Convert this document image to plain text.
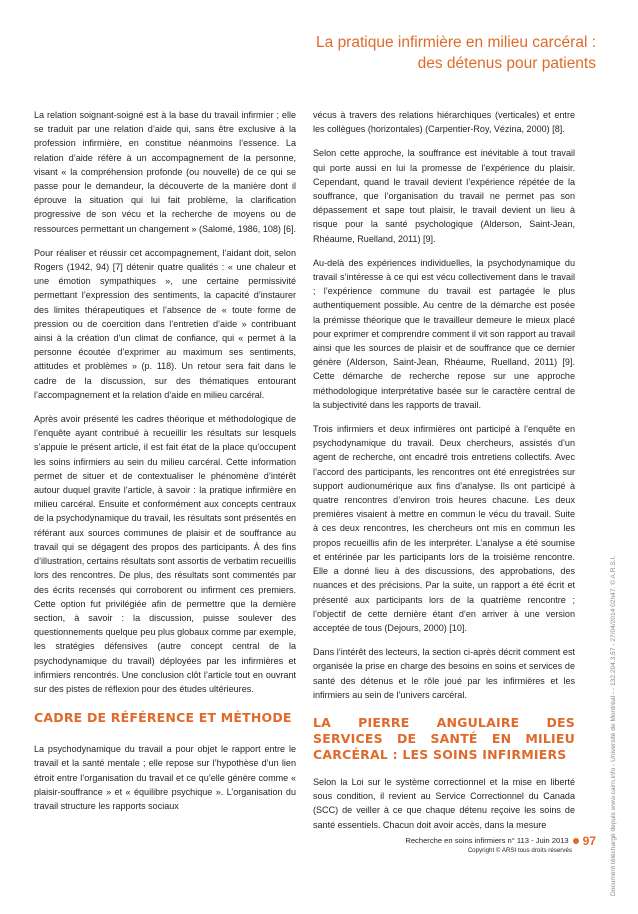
La pratique infirmière en milieu carcéral :
des détenus pour patients

La relation soignant-soigné est à la base du travail infirmier ; elle se traduit par une relation d’aide qui, sans être exclusive à la profession infirmière, en constitue néanmoins l’essence. La relation d’aide réfère à un accompagnement de la personne, visant « la compréhension profonde (ou nouvelle) de ce qui se passe pour le demandeur, la découverte de la manière dont il éprouve la situation qui lui fait problème, la clarification progressive de son vécu et la recherche de moyens ou de ressources permettant un changement » (Salomé, 1986, 108) [6].

Pour réaliser et réussir cet accompagnement, l’aidant doit, selon Rogers (1942, 94) [7] détenir quatre qualités : « une chaleur et une émotion sympathiques », une certaine permissivité permettant l’expression des sentiments, la capacité d’instaurer des limites thérapeutiques et l’absence de « toute forme de pression ou de coercition dans l’entretien d’aide » contribuant ainsi à la création d’un climat de confiance, qui « permet à la personne écoutée d’exprimer au maximum ses sentiments, attitudes et problèmes » (p. 118). Un retour sera fait dans le cadre de la discussion, sur des thématiques entourant l’accompagnement et la relation d’aide en milieu carcéral.

Après avoir présenté les cadres théorique et méthodologique de l’enquête ayant contribué à recueillir les résultats sur lesquels s’appuie le présent article, il est fait état de la place qu’occupent les soins infirmiers au sein du milieu carcéral. Cette information permet de situer et de contextualiser le phénomène d’intérêt autour duquel gravite l’article, à savoir : la pratique infirmière en milieu carcéral. Ensuite et conformément aux concepts centraux de la psychodynamique du travail, les résultats sont présentés en référant aux sources communes de plaisir et de souffrance au travail qui se dégagent des propos des participants. À des fins d’illustration, certains résultats sont assortis de verbatim recueillis lors des rencontres. De plus, des résultats sont commentés par des écrits recensés qui corroborent ou infirment ces premiers. Cette option fut privilégiée afin de permettre que la dernière section, à savoir : la discussion, puisse soulever des questionnements quelque peu plus globaux comme par exemple, les stratégies défensives (autre concept central de la psychodynamique du travail) déployées par les infirmières et infirmiers rencontrés. Une conclusion clôt l’article tout en ouvrant sur des pistes de réflexion pour des études ultérieures.

CADRE DE RÉFÉRENCE ET MÉTHODE

La psychodynamique du travail a pour objet le rapport entre le travail et la santé mentale ; elle repose sur l’hypothèse d’un lien étroit entre l’organisation du travail et ce qu’elle génère comme « plaisir-souffrance » et « équilibre psychique ». L’organisation du travail structure les rapports sociaux

vécus à travers des relations hiérarchiques (verticales) et entre les collègues (horizontales) (Carpentier-Roy, Vézina, 2000) [8].

Selon cette approche, la souffrance est inévitable à tout travail qui porte aussi en lui la promesse de l’expérience du plaisir. Cependant, quand le travail devient l’expérience répétée de la souffrance, que l’organisation du travail ne permet pas son dépassement et sape tout plaisir, le travail devient un lieu à risque pour la santé psychologique (Alderson, Saint-Jean, Rhéaume, Ruelland, 2011) [9].

Au-delà des expériences individuelles, la psychodynamique du travail s’intéresse à ce qui est vécu collectivement dans le travail ; l’expérience commune du travail est partagée le plus authentiquement possible. Au centre de la démarche est posée la prémisse théorique que le travailleur demeure le mieux placé pour exprimer et comprendre comment il vit son rapport au travail ainsi que les sources de plaisir et de souffrance que ce dernier génère (Alderson, Saint-Jean, Rhéaume, Ruelland, 2011) [9]. Cette démarche de recherche repose sur une approche méthodologique interprétative basée sur le caractère central de la subjectivité dans les rapports de travail.

Trois infirmiers et deux infirmières ont participé à l’enquête en psychodynamique du travail. Deux chercheurs, assistés d’un agent de recherche, ont encadré trois entretiens collectifs. Avec l’accord des participants, les rencontres ont été enregistrées sur support audionumérique aux fins d’analyse. Ils ont participé à quatre rencontres d’environ trois heures chacune. Les deux premières visaient à mettre en commun le vécu du travail. Suite à ces deux rencontres, les chercheurs ont mis en commun les propos recueillis afin de les interpréter. L’analyse a été soumise et entérinée par les participants lors de la troisième rencontre. Elle a donné lieu à des discussions, des approbations, des nuances et des précisions. Par la suite, un rapport a été écrit et présenté aux participants lors de la quatrième rencontre ; l’objectif de cette dernière étant d’en arriver à une version acceptée de tous (Dejours, 2000) [10].

Dans l’intérêt des lecteurs, la section ci-après décrit comment est organisée la prise en charge des besoins en soins et services de santé des détenus et le rôle joué par les infirmières et les infirmiers au sein de l’univers carcéral.

LA PIERRE ANGULAIRE DES SERVICES DE SANTÉ EN MILIEU CARCÉRAL : LES SOINS INFIRMIERS

Selon la Loi sur le système correctionnel et la mise en liberté sous condition, il revient au Service Correctionnel du Canada (SCC) de veiller à ce que chaque détenu reçoive les soins de santé essentiels. Chacun doit avoir accès, dans la mesure

Recherche en soins infirmiers n° 113 - Juin 2013 97
Copyright © ARSI tous droits réservés	Document téléchargé depuis www.cairn.info - Université de Montréal - - 132.204.3.57 - 27/04/2014 02h47. © A.R.S.I.
